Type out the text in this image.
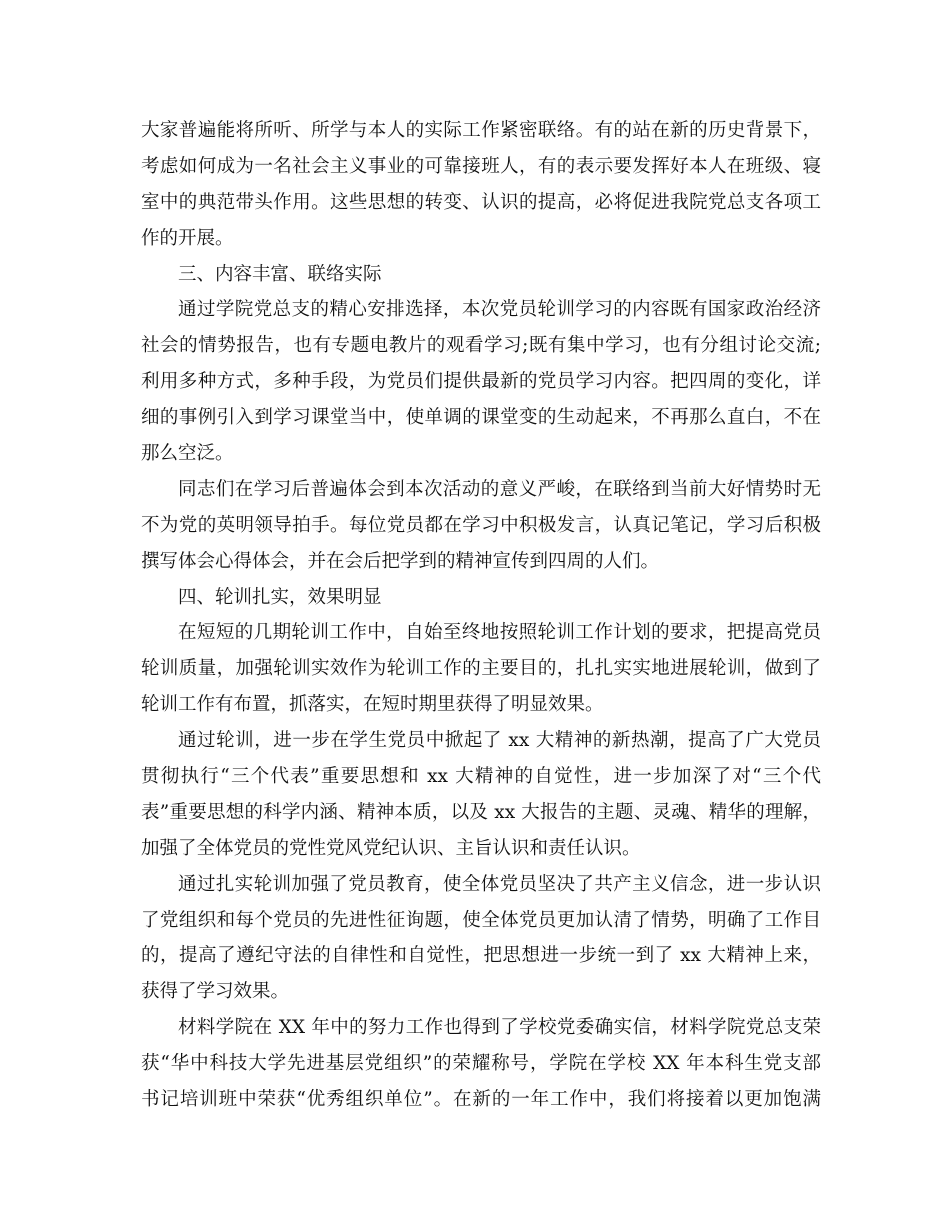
大家普遍能将所听、所学与本人的实际工作紧密联络。有的站在新的历史背景下，
考虑如何成为一名社会主义事业的可靠接班人，有的表示要发挥好本人在班级、寝
室中的典范带头作用。这些思想的转变、认识的提高，必将促进我院党总支各项工
作的开展。
三、内容丰富、联络实际
通过学院党总支的精心安排选择，本次党员轮训学习的内容既有国家政治经济
社会的情势报告，也有专题电教片的观看学习;既有集中学习，也有分组讨论交流;
利用多种方式，多种手段，为党员们提供最新的党员学习内容。把四周的变化，详
细的事例引入到学习课堂当中，使单调的课堂变的生动起来，不再那么直白，不在
那么空泛。
同志们在学习后普遍体会到本次活动的意义严峻，在联络到当前大好情势时无
不为党的英明领导拍手。每位党员都在学习中积极发言，认真记笔记，学习后积极
撰写体会心得体会，并在会后把学到的精神宣传到四周的人们。
四、轮训扎实，效果明显
在短短的几期轮训工作中，自始至终地按照轮训工作计划的要求，把提高党员
轮训质量，加强轮训实效作为轮训工作的主要目的，扎扎实实地进展轮训，做到了
轮训工作有布置，抓落实，在短时期里获得了明显效果。
通过轮训，进一步在学生党员中掀起了 xx 大精神的新热潮，提高了广大党员
贯彻执行“三个代表”重要思想和 xx 大精神的自觉性，进一步加深了对“三个代
表”重要思想的科学内涵、精神本质，以及 xx 大报告的主题、灵魂、精华的理解，
加强了全体党员的党性党风党纪认识、主旨认识和责任认识。
通过扎实轮训加强了党员教育，使全体党员坚决了共产主义信念，进一步认识
了党组织和每个党员的先进性征询题，使全体党员更加认清了情势，明确了工作目
的，提高了遵纪守法的自律性和自觉性，把思想进一步统一到了 xx 大精神上来，
获得了学习效果。
材料学院在 XX 年中的努力工作也得到了学校党委确实信，材料学院党总支荣
获“华中科技大学先进基层党组织”的荣耀称号，学院在学校 XX 年本科生党支部
书记培训班中荣获“优秀组织单位”。在新的一年工作中，我们将接着以更加饱满
